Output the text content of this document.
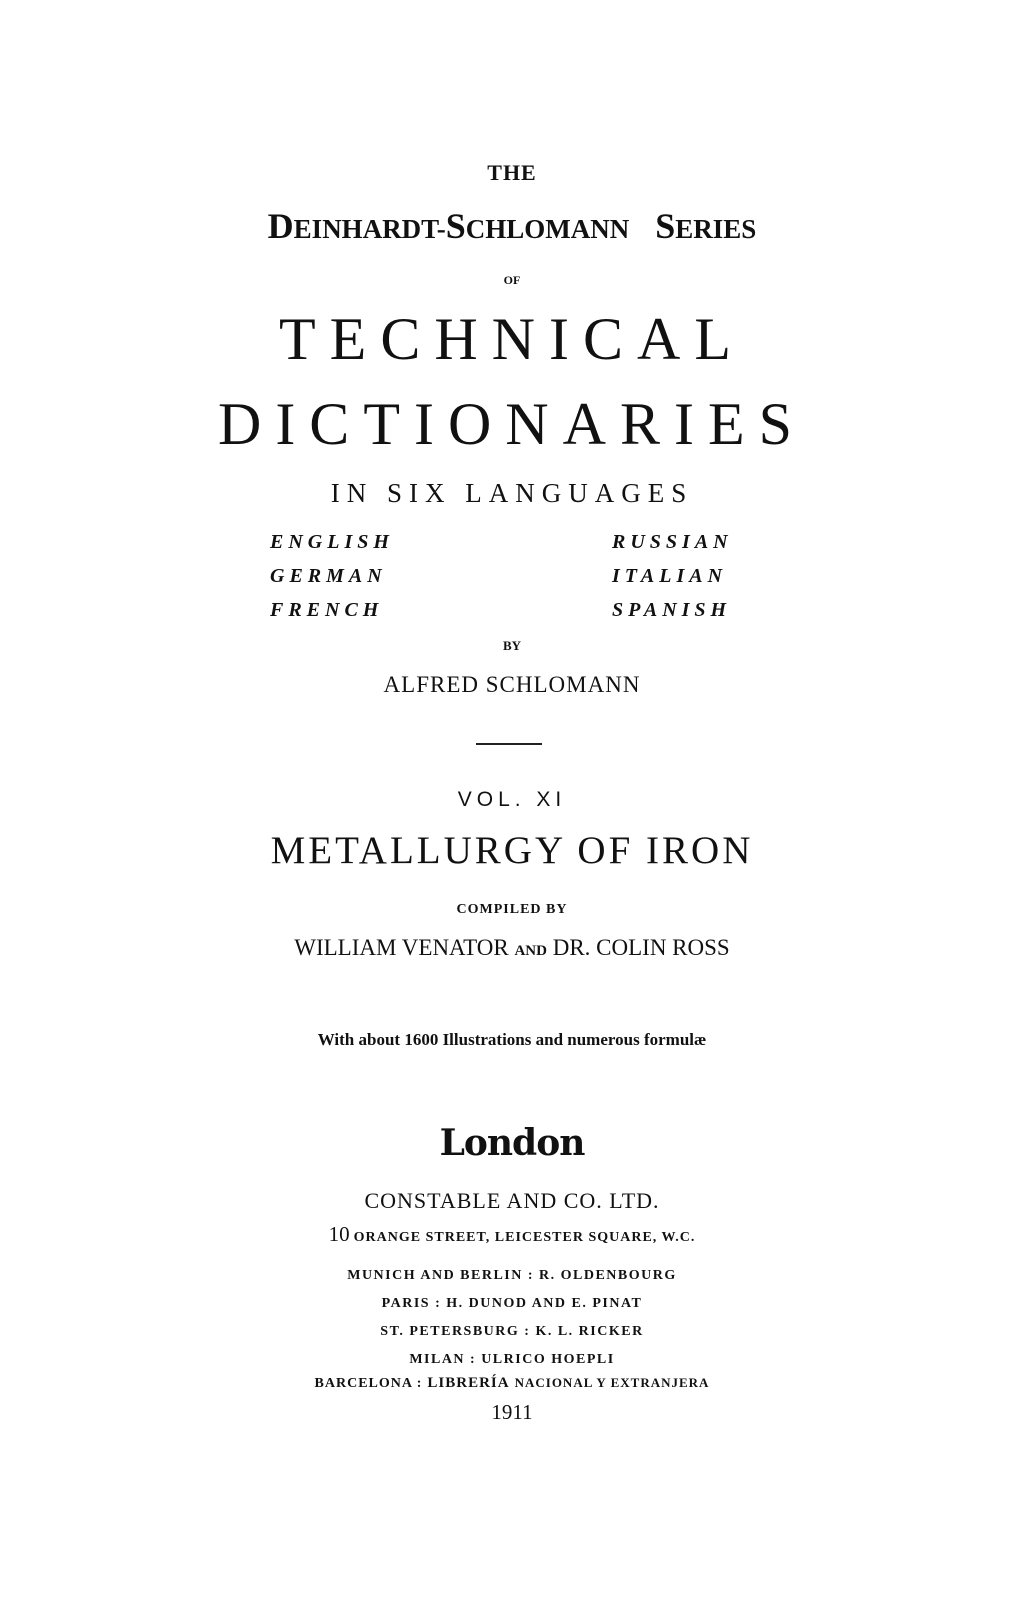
THE
DEINHARDT-SCHLOMANN SERIES
OF
TECHNICAL
DICTIONARIES
IN SIX LANGUAGES
ENGLISH
GERMAN
FRENCH
RUSSIAN
ITALIAN
SPANISH
BY
ALFRED SCHLOMANN
VOL. XI
METALLURGY OF IRON
COMPILED BY
WILLIAM VENATOR AND DR. COLIN ROSS
With about 1600 Illustrations and numerous formulæ
London
CONSTABLE AND CO. LTD.
10 ORANGE STREET, LEICESTER SQUARE, W.C.
MUNICH AND BERLIN : R. OLDENBOURG
PARIS : H. DUNOD AND E. PINAT
ST. PETERSBURG : K. L. RICKER
MILAN : ULRICO HOEPLI
BARCELONA : LIBRERÍA NACIONAL Y EXTRANJERA
1911
